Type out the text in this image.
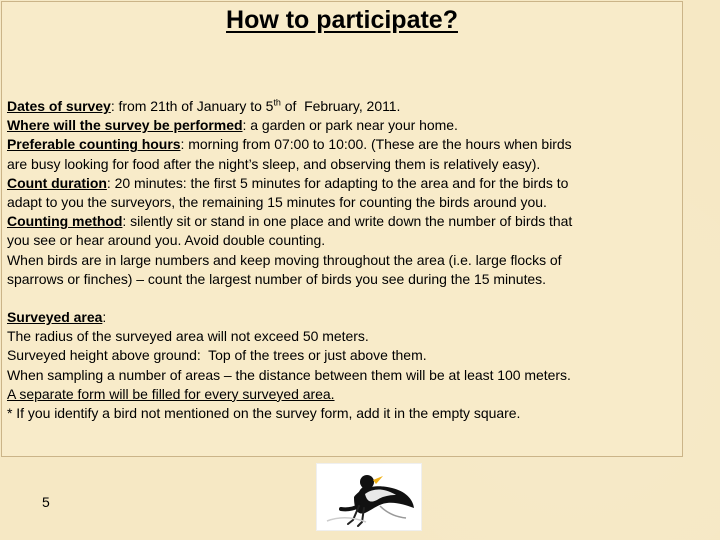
How to participate?

Dates of survey: from 21th of January to 5th of  February, 2011.

Where will the survey be performed: a garden or park near your home.

Preferable counting hours: morning from 07:00 to 10:00. (These are the hours when birds

are busy looking for food after the night’s sleep, and observing them is relatively easy).

Count duration: 20 minutes: the first 5 minutes for adapting to the area and for the birds to

adapt to you the surveyors, the remaining 15 minutes for counting the birds around you.

Counting method: silently sit or stand in one place and write down the number of birds that

you see or hear around you. Avoid double counting.

When birds are in large numbers and keep moving throughout the area (i.e. large flocks of

sparrows or finches) – count the largest number of birds you see during the 15 minutes.

Surveyed area:

The radius of the surveyed area will not exceed 50 meters.

Surveyed height above ground:  Top of the trees or just above them.

When sampling a number of areas – the distance between them will be at least 100 meters.

A separate form will be filled for every surveyed area.

* If you identify a bird not mentioned on the survey form, add it in the empty square.

5
